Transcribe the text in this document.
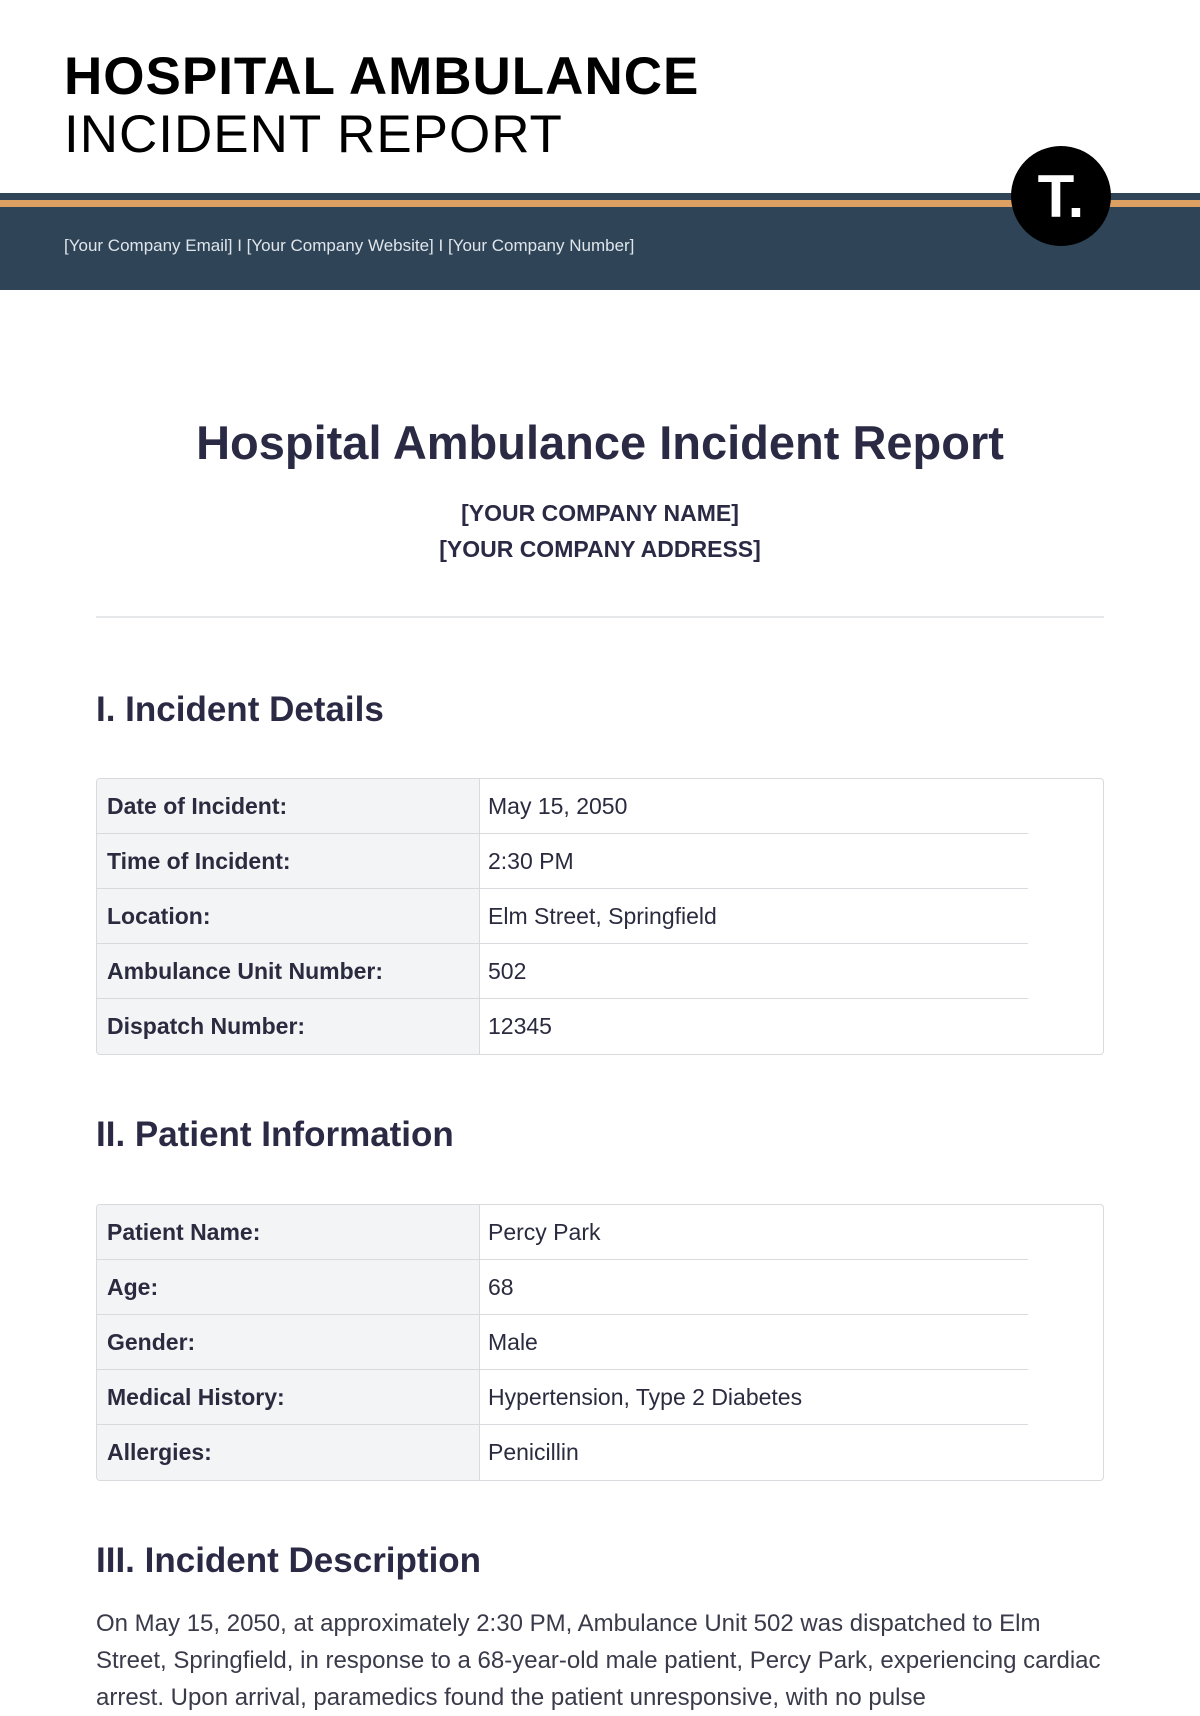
HOSPITAL AMBULANCE
INCIDENT REPORT
[Your Company Email] I [Your Company Website] I [Your Company Number]
T.
Hospital Ambulance Incident Report
[YOUR COMPANY NAME]
[YOUR COMPANY ADDRESS]
I. Incident Details
Date of Incident:	May 15, 2050
Time of Incident:	2:30 PM
Location:	Elm Street, Springfield
Ambulance Unit Number:	502
Dispatch Number:	12345
II. Patient Information
Patient Name:	Percy Park
Age:	68
Gender:	Male
Medical History:	Hypertension, Type 2 Diabetes
Allergies:	Penicillin
III. Incident Description
On May 15, 2050, at approximately 2:30 PM, Ambulance Unit 502 was dispatched to Elm Street, Springfield, in response to a 68-year-old male patient, Percy Park, experiencing cardiac arrest. Upon arrival, paramedics found the patient unresponsive, with no pulse
